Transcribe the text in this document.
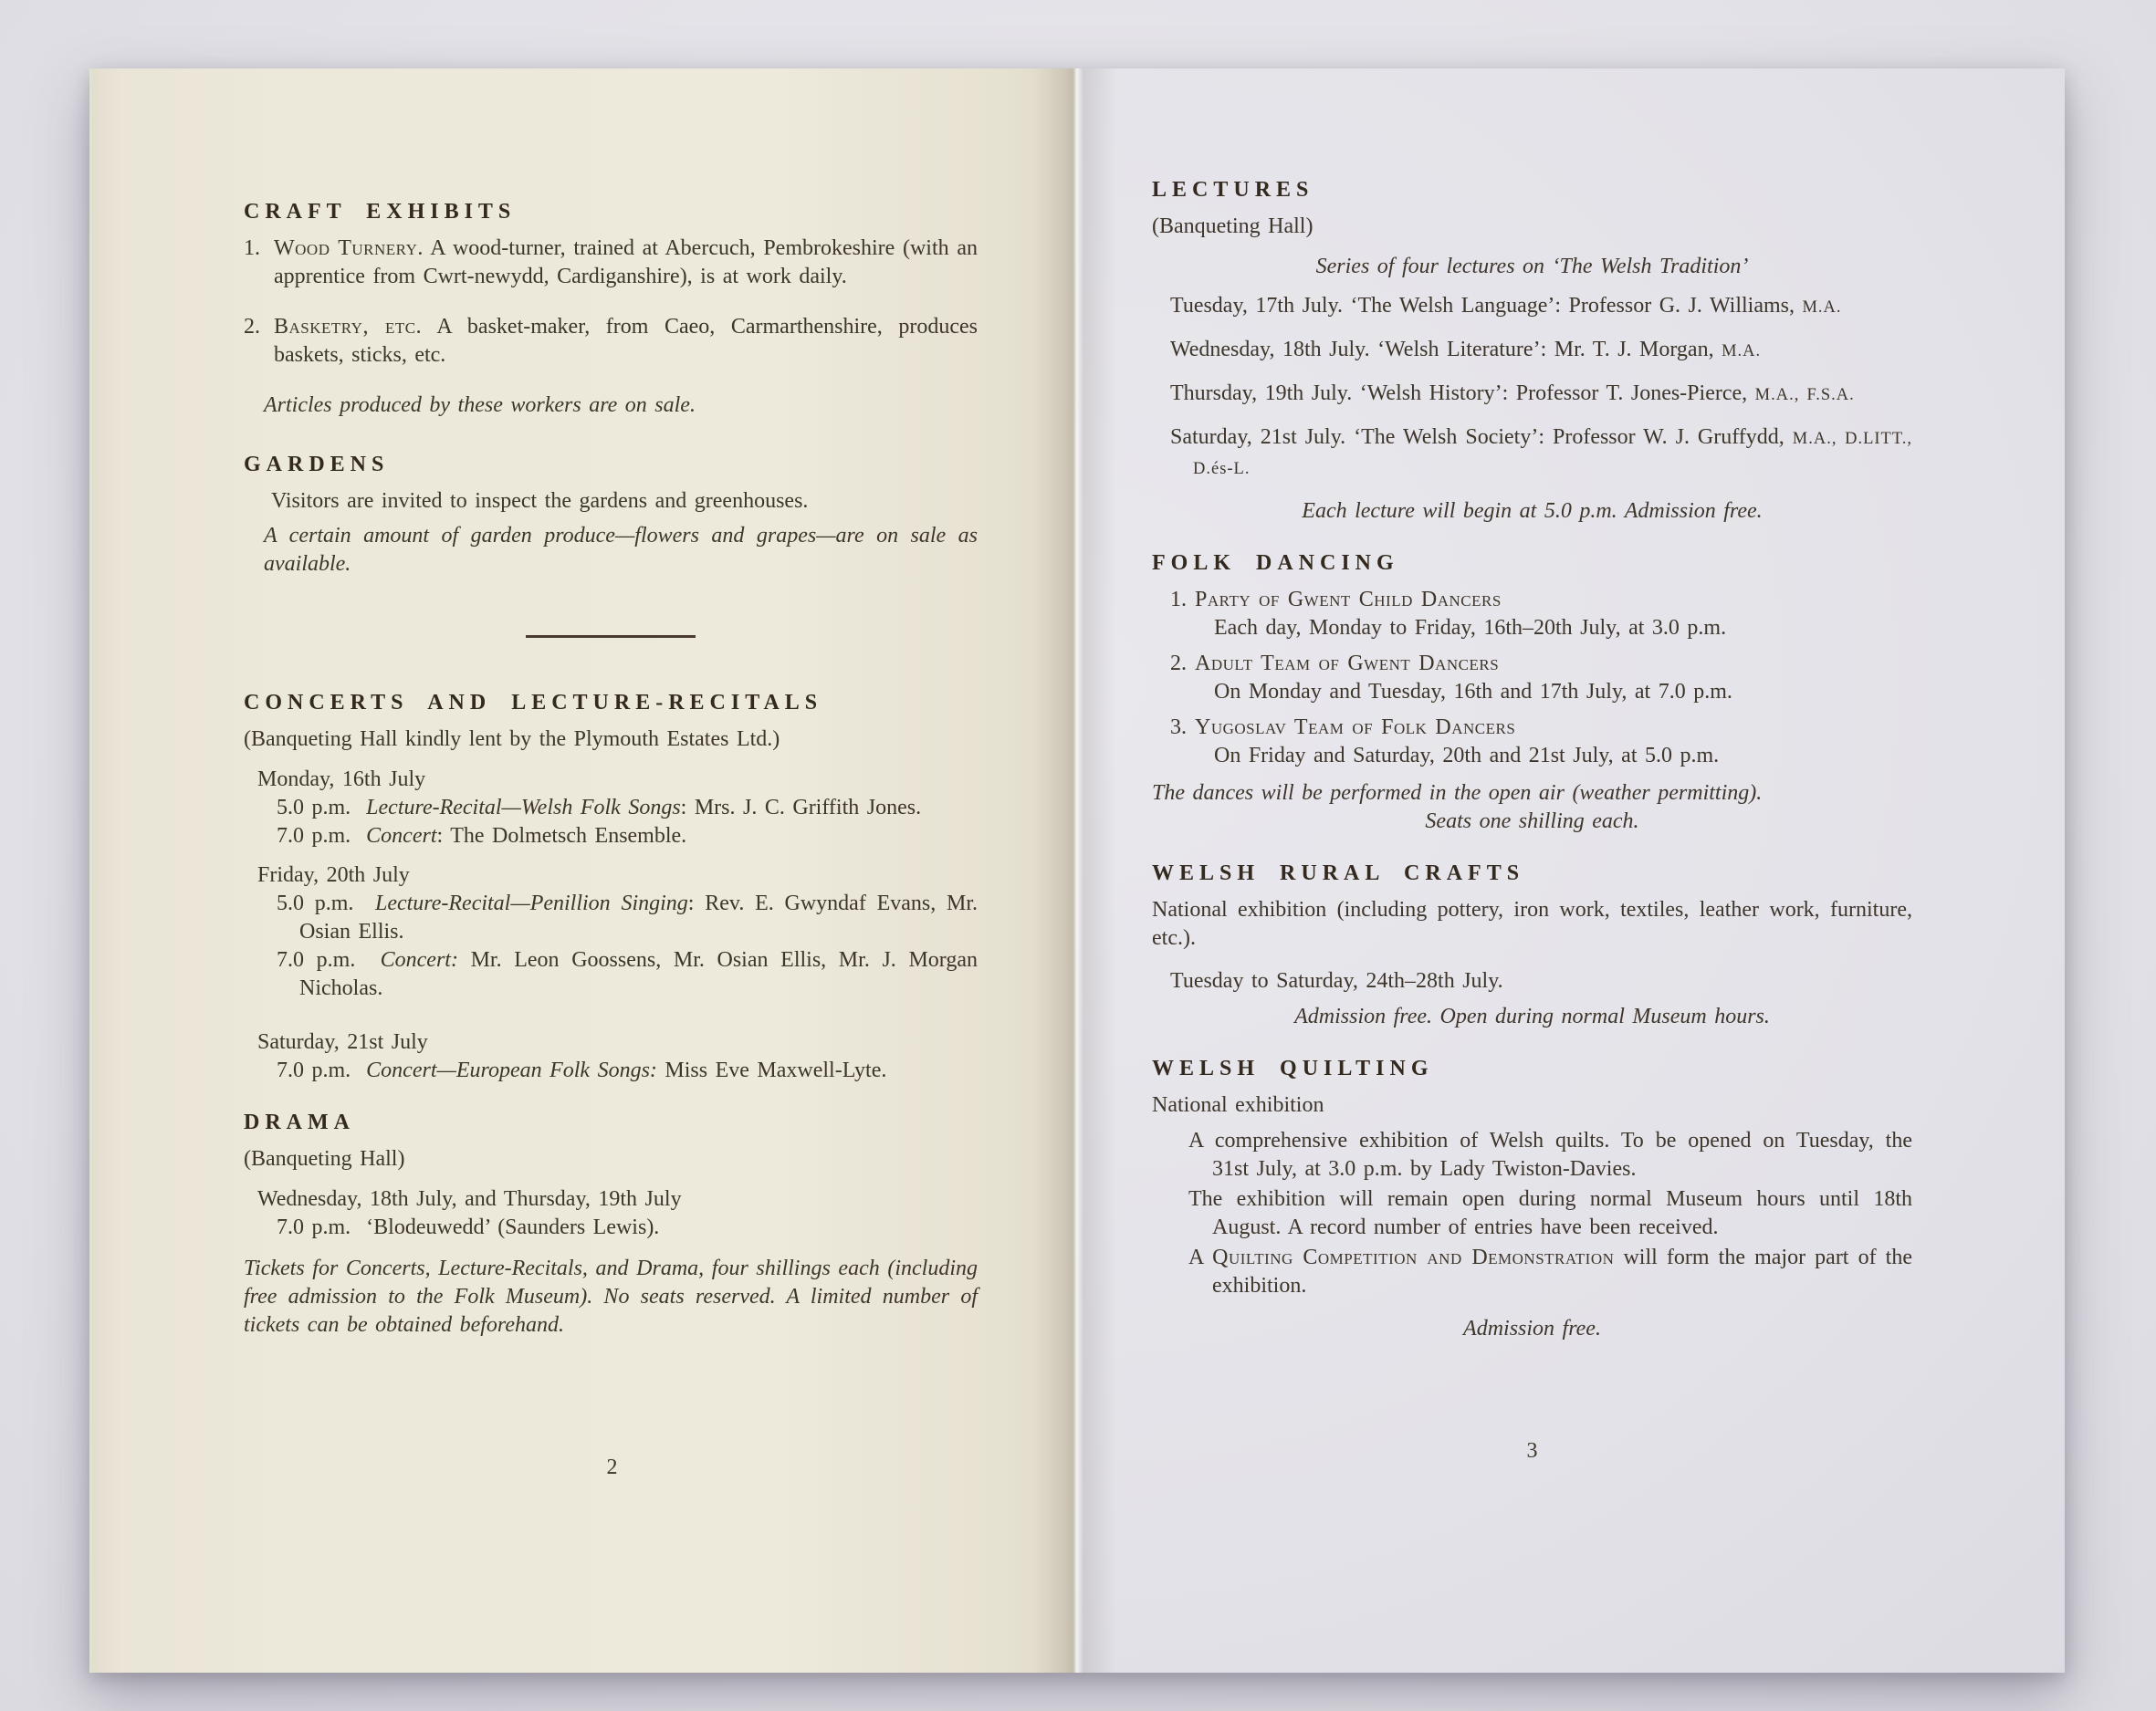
CRAFT EXHIBITS
1. Wood Turnery. A wood-turner, trained at Abercuch, Pembrokeshire (with an apprentice from Cwrt-newydd, Cardiganshire), is at work daily.
2. Basketry, etc. A basket-maker, from Caeo, Carmarthenshire, produces baskets, sticks, etc.
Articles produced by these workers are on sale.
GARDENS
Visitors are invited to inspect the gardens and greenhouses.
A certain amount of garden produce—flowers and grapes—are on sale as available.
CONCERTS AND LECTURE-RECITALS
(Banqueting Hall kindly lent by the Plymouth Estates Ltd.)
Monday, 16th July
5.0 p.m. Lecture-Recital—Welsh Folk Songs: Mrs. J. C. Griffith Jones.
7.0 p.m. Concert: The Dolmetsch Ensemble.
Friday, 20th July
5.0 p.m. Lecture-Recital—Penillion Singing: Rev. E. Gwyndaf Evans, Mr. Osian Ellis.
7.0 p.m. Concert: Mr. Leon Goossens, Mr. Osian Ellis, Mr. J. Morgan Nicholas.
Saturday, 21st July
7.0 p.m. Concert—European Folk Songs: Miss Eve Maxwell-Lyte.
DRAMA
(Banqueting Hall)
Wednesday, 18th July, and Thursday, 19th July
7.0 p.m. ‘Blodeuwedd’ (Saunders Lewis).
Tickets for Concerts, Lecture-Recitals, and Drama, four shillings each (including free admission to the Folk Museum). No seats reserved. A limited number of tickets can be obtained beforehand.
2
LECTURES
(Banqueting Hall)
Series of four lectures on ‘The Welsh Tradition’
Tuesday, 17th July. ‘The Welsh Language’: Professor G. J. Williams, M.A.
Wednesday, 18th July. ‘Welsh Literature’: Mr. T. J. Morgan, M.A.
Thursday, 19th July. ‘Welsh History’: Professor T. Jones-Pierce, M.A., F.S.A.
Saturday, 21st July. ‘The Welsh Society’: Professor W. J. Gruffydd, M.A., D.LITT., D.és-L.
Each lecture will begin at 5.0 p.m. Admission free.
FOLK DANCING
1. Party of Gwent Child Dancers
Each day, Monday to Friday, 16th–20th July, at 3.0 p.m.
2. Adult Team of Gwent Dancers
On Monday and Tuesday, 16th and 17th July, at 7.0 p.m.
3. Yugoslav Team of Folk Dancers
On Friday and Saturday, 20th and 21st July, at 5.0 p.m.
The dances will be performed in the open air (weather permitting).
Seats one shilling each.
WELSH RURAL CRAFTS
National exhibition (including pottery, iron work, textiles, leather work, furniture, etc.).
Tuesday to Saturday, 24th–28th July.
Admission free. Open during normal Museum hours.
WELSH QUILTING
National exhibition
A comprehensive exhibition of Welsh quilts. To be opened on Tuesday, the 31st July, at 3.0 p.m. by Lady Twiston-Davies.
The exhibition will remain open during normal Museum hours until 18th August. A record number of entries have been received.
A Quilting Competition and Demonstration will form the major part of the exhibition.
Admission free.
3
